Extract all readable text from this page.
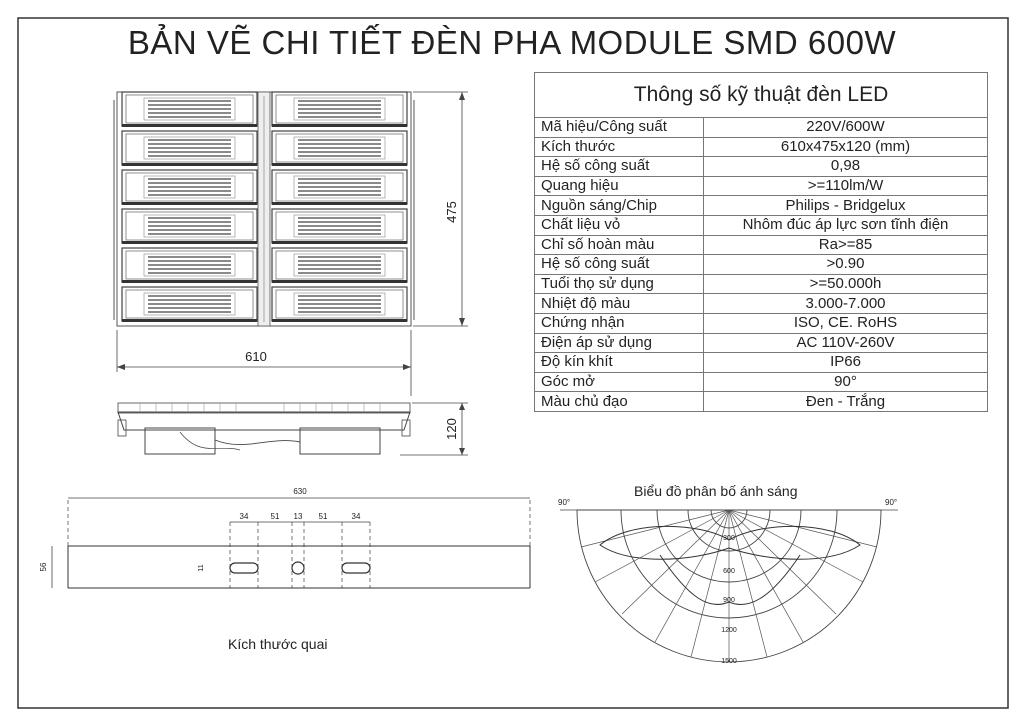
610
475
120
630
34	51 13 51	34
56	11
90°	90°
300
600
900
1200
1500
BẢN VẼ CHI TIẾT ĐÈN PHA MODULE SMD 600W
Thông số kỹ thuật đèn LED	
Mã hiệu/Công suất	220V/600W
Kích thước	610x475x120 (mm)
Hệ số công suất	0,98
Quang hiệu	>=110lm/W
Nguồn sáng/Chip	Philips - Bridgelux
Chất liệu vỏ	Nhôm đúc áp lực sơn tĩnh điện
Chỉ số hoàn màu	Ra>=85
Hệ số công suất	>0.90
Tuổi thọ sử dụng	>=50.000h
Nhiệt độ màu	3.000-7.000
Chứng nhận	ISO, CE. RoHS
Điện áp sử dụng	AC 110V-260V
Độ kín khít	IP66
Góc mở	90°
Màu chủ đạo	Đen - Trắng
Kích thước quai
Biểu đồ phân bố ánh sáng
